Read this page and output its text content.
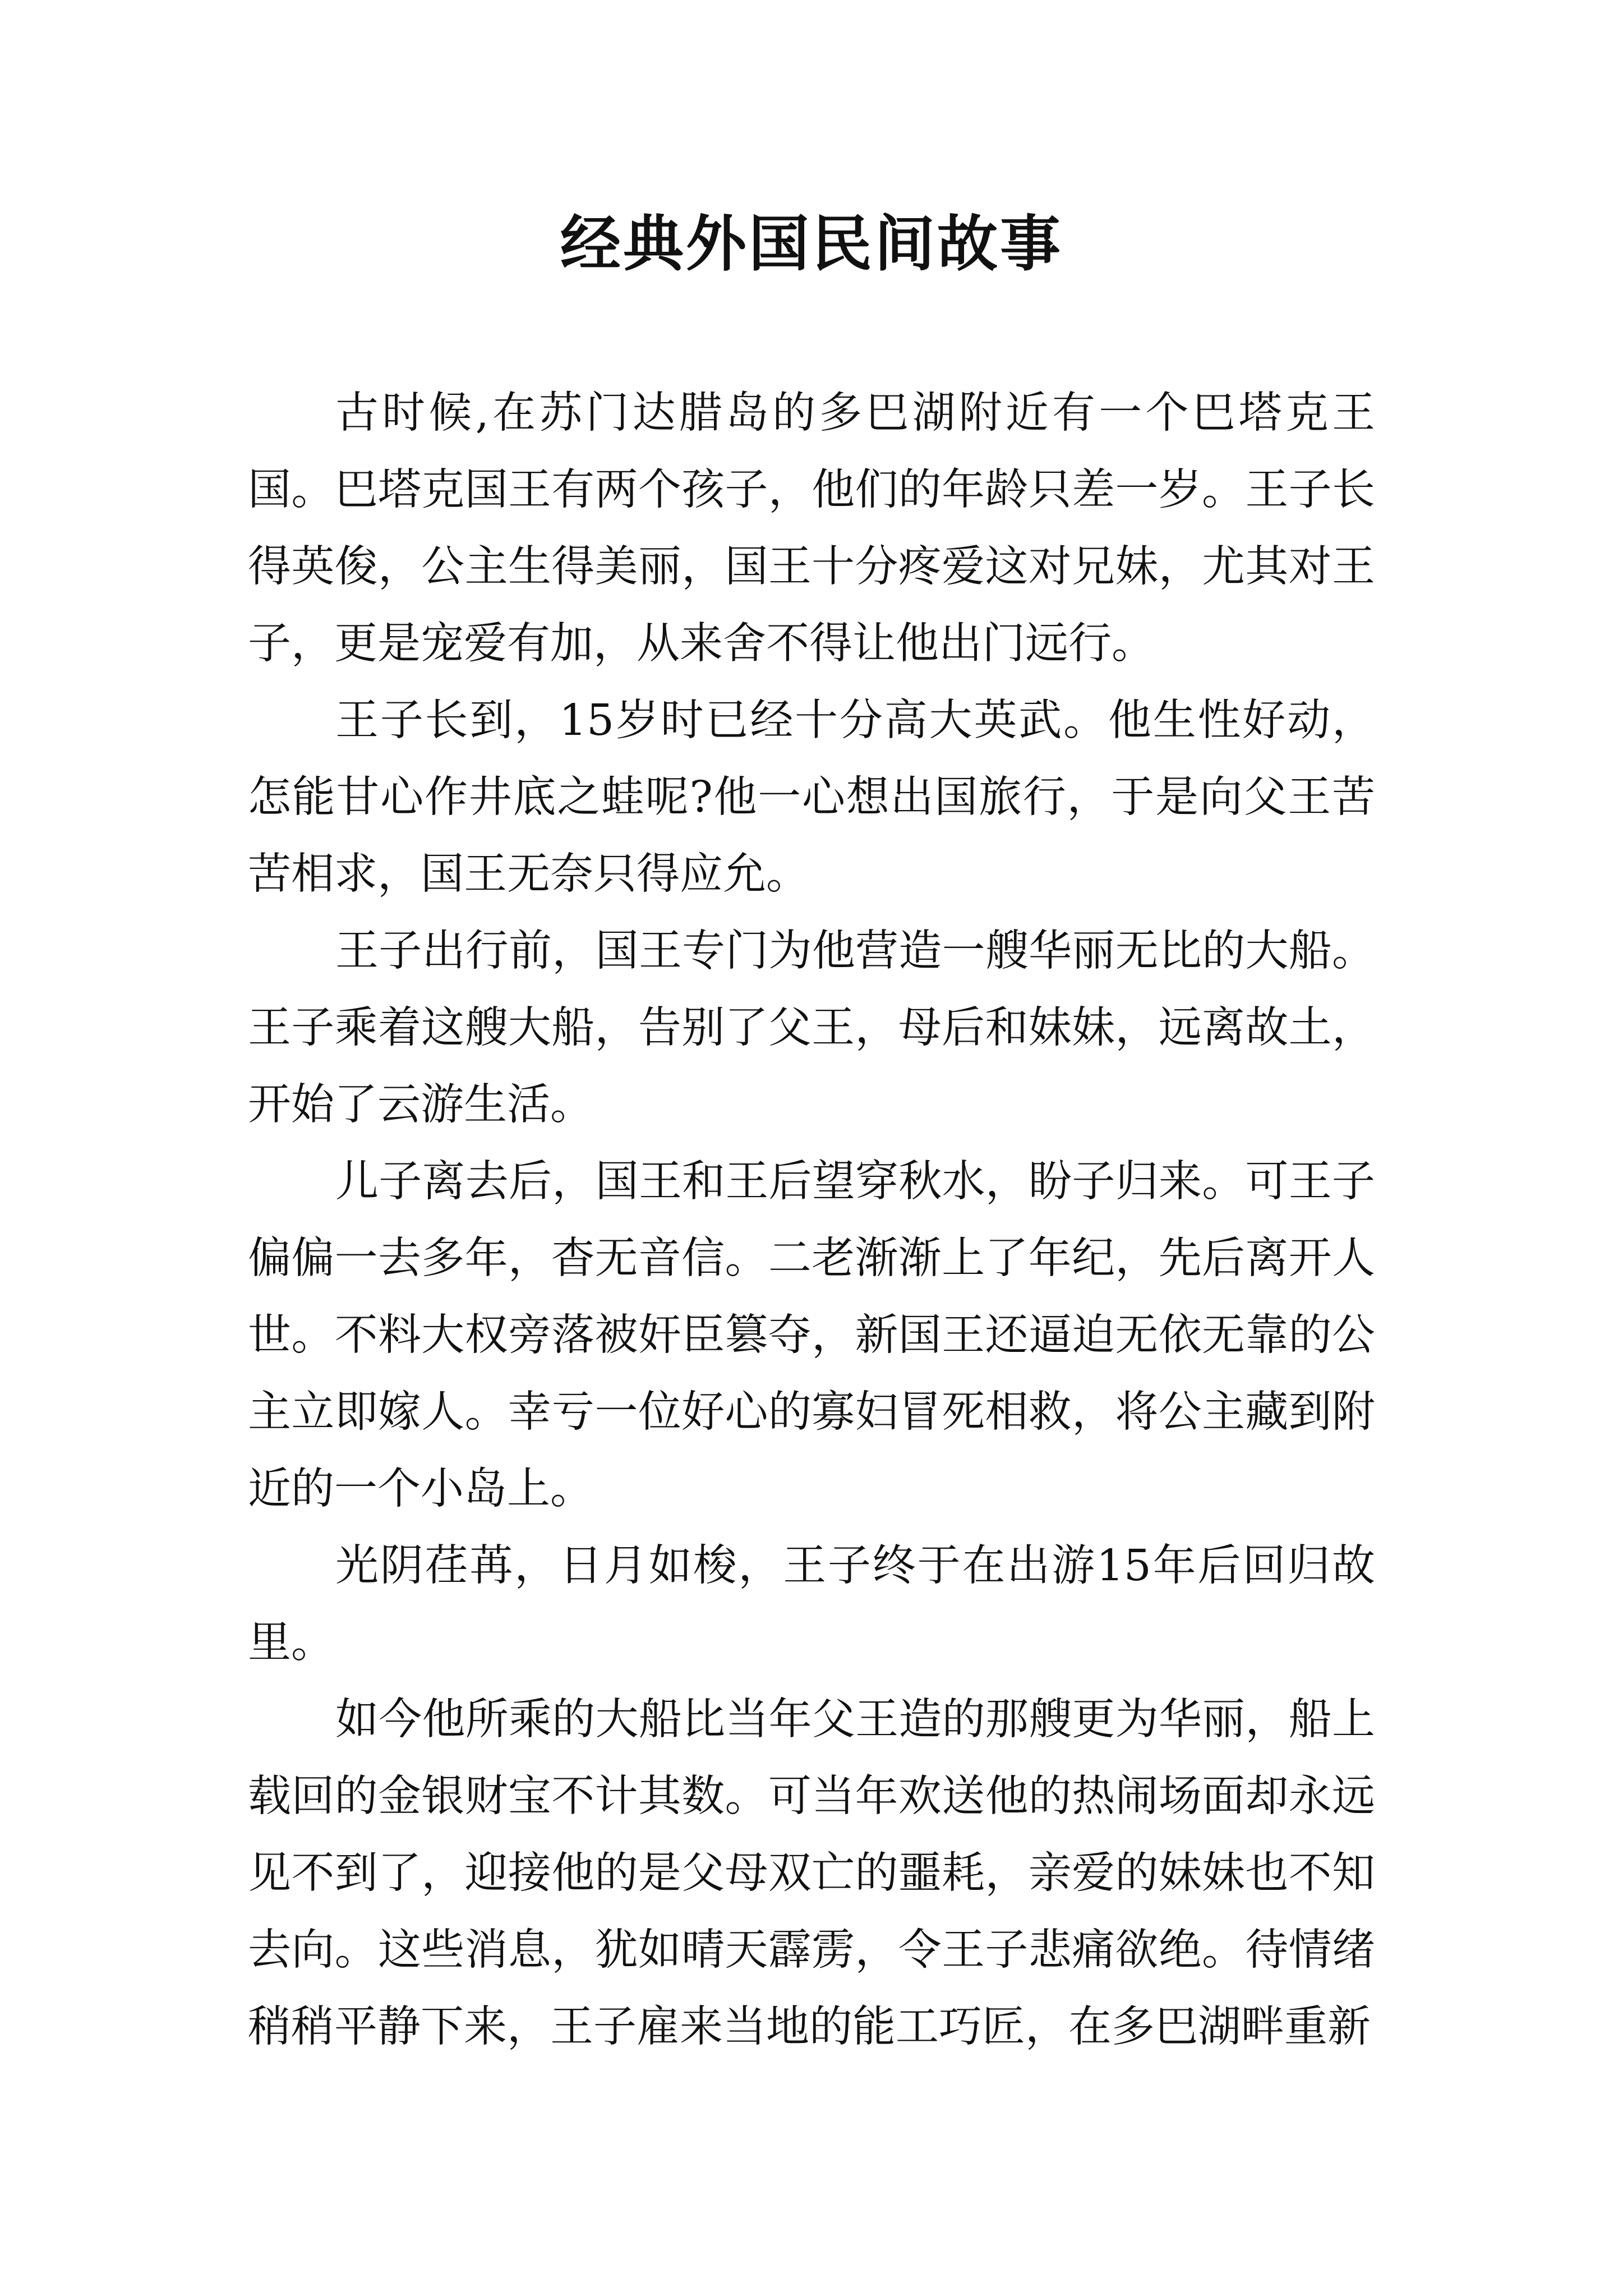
经典外国民间故事

古时候,在苏门达腊岛的多巴湖附近有一个巴塔克王国。巴塔克国王有两个孩子，他们的年龄只差一岁。王子长得英俊，公主生得美丽，国王十分疼爱这对兄妹，尤其对王子，更是宠爱有加，从来舍不得让他出门远行。

王子长到，15岁时已经十分高大英武。他生性好动，怎能甘心作井底之蛙呢?他一心想出国旅行，于是向父王苦苦相求，国王无奈只得应允。

王子出行前，国王专门为他营造一艘华丽无比的大船。王子乘着这艘大船，告别了父王，母后和妹妹，远离故土，开始了云游生活。

儿子离去后，国王和王后望穿秋水，盼子归来。可王子偏偏一去多年，杳无音信。二老渐渐上了年纪，先后离开人世。不料大权旁落被奸臣篡夺，新国王还逼迫无依无靠的公主立即嫁人。幸亏一位好心的寡妇冒死相救，将公主藏到附近的一个小岛上。

光阴荏苒，日月如梭，王子终于在出游15年后回归故里。

如今他所乘的大船比当年父王造的那艘更为华丽，船上载回的金银财宝不计其数。可当年欢送他的热闹场面却永远见不到了，迎接他的是父母双亡的噩耗，亲爱的妹妹也不知去向。这些消息，犹如晴天霹雳，令王子悲痛欲绝。待情绪稍稍平静下来，王子雇来当地的能工巧匠，在多巴湖畔重新
